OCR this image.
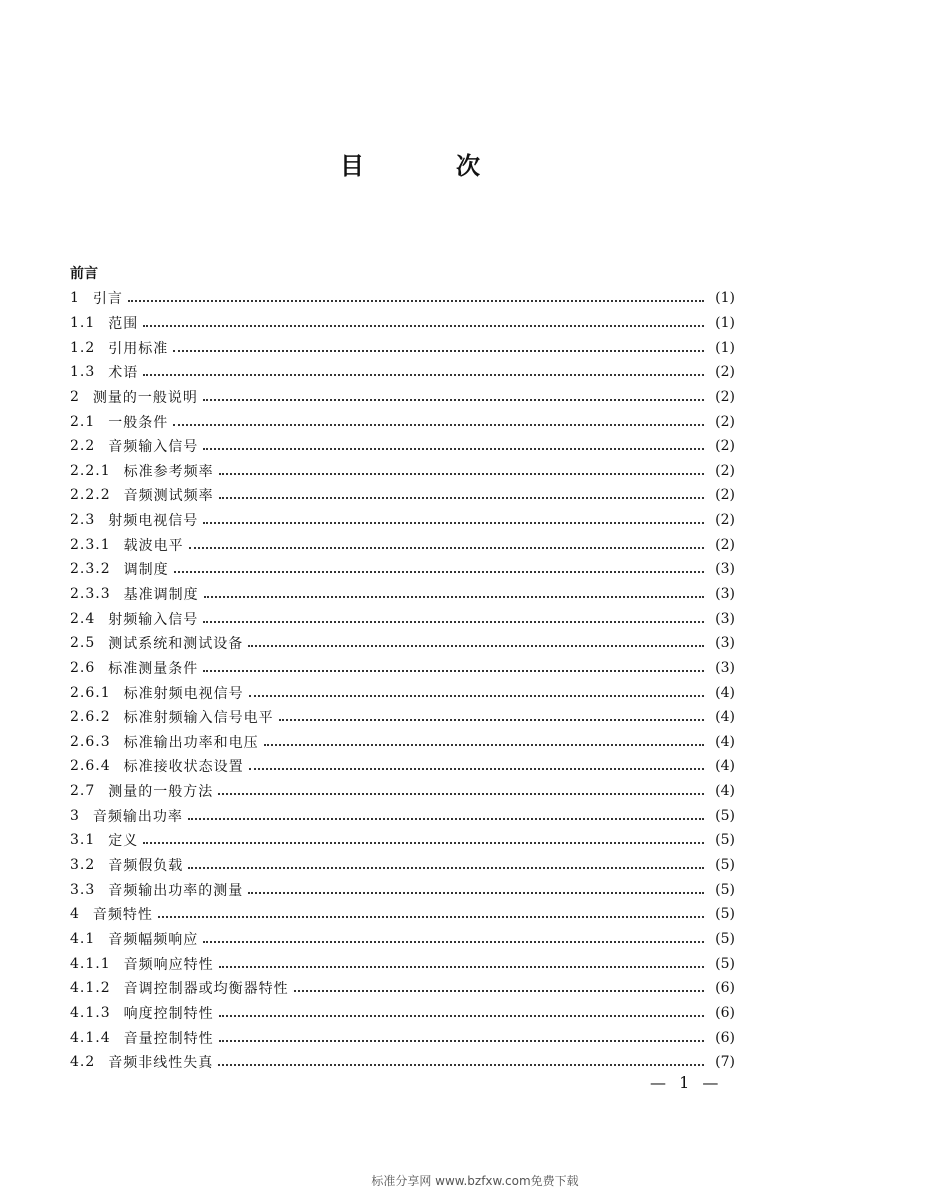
目	次
前言
1 引言	(1)
1.1 范围	(1)
1.2 引用标准	(1)
1.3 术语	(2)
2 测量的一般说明	(2)
2.1 一般条件	(2)
2.2 音频输入信号	(2)
2.2.1 标准参考频率	(2)
2.2.2 音频测试频率	(2)
2.3 射频电视信号	(2)
2.3.1 载波电平	(2)
2.3.2 调制度	(3)
2.3.3 基准调制度	(3)
2.4 射频输入信号	(3)
2.5 测试系统和测试设备	(3)
2.6 标准测量条件	(3)
2.6.1 标准射频电视信号	(4)
2.6.2 标准射频输入信号电平	(4)
2.6.3 标准输出功率和电压	(4)
2.6.4 标准接收状态设置	(4)
2.7 测量的一般方法	(4)
3 音频输出功率	(5)
3.1 定义	(5)
3.2 音频假负载	(5)
3.3 音频输出功率的测量	(5)
4 音频特性	(5)
4.1 音频幅频响应	(5)
4.1.1 音频响应特性	(5)
4.1.2 音调控制器或均衡器特性	(6)
4.1.3 响度控制特性	(6)
4.1.4 音量控制特性	(6)
4.2 音频非线性失真	(7)
— 1 —
标准分享网 www.bzfxw.com免费下载
